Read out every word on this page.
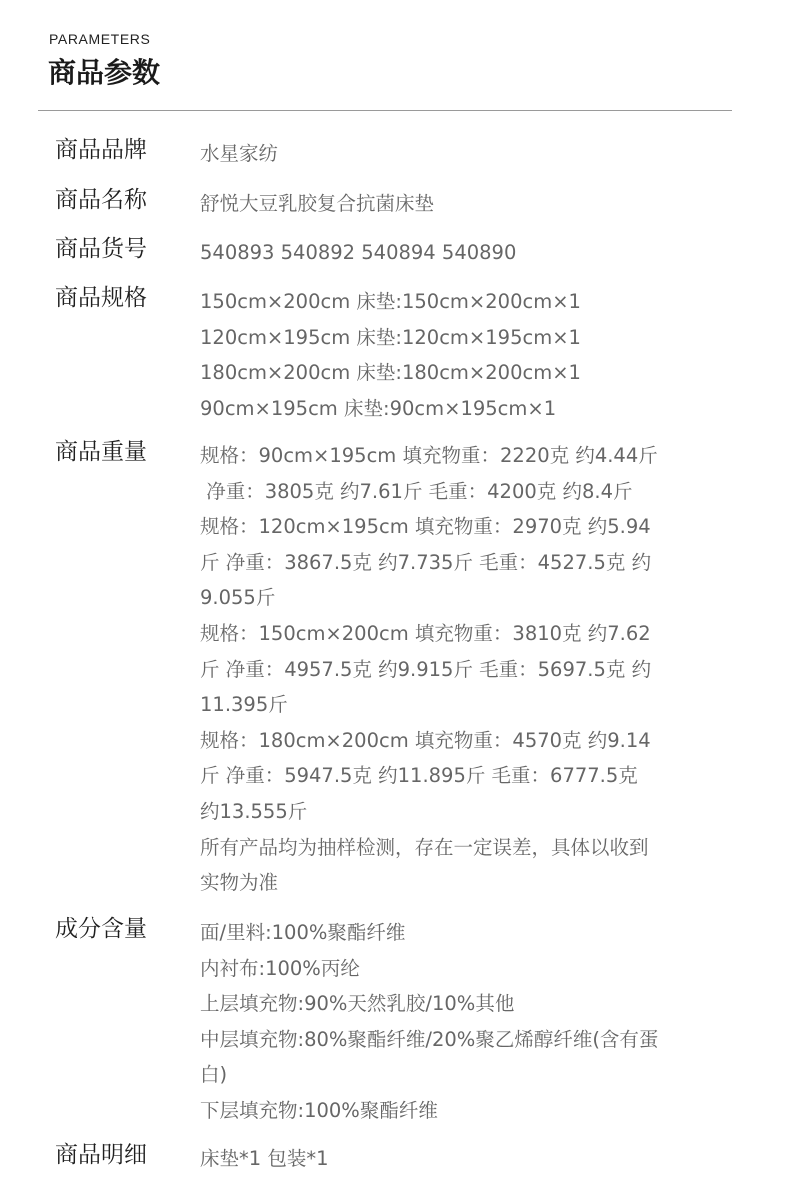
PARAMETERS
商品参数
商品品牌	水星家纺
商品名称	舒悦大豆乳胶复合抗菌床垫
商品货号	540893 540892 540894 540890
商品规格	150cm×200cm 床垫:150cm×200cm×1
120cm×195cm 床垫:120cm×195cm×1
180cm×200cm 床垫:180cm×200cm×1
90cm×195cm 床垫:90cm×195cm×1
商品重量	规格：90cm×195cm 填充物重：2220克 约4.44斤
净重：3805克 约7.61斤 毛重：4200克 约8.4斤
规格：120cm×195cm 填充物重：2970克 约5.94
斤 净重：3867.5克 约7.735斤 毛重：4527.5克 约
9.055斤
规格：150cm×200cm 填充物重：3810克 约7.62
斤 净重：4957.5克 约9.915斤 毛重：5697.5克 约
11.395斤
规格：180cm×200cm 填充物重：4570克 约9.14
斤 净重：5947.5克 约11.895斤 毛重：6777.5克
约13.555斤
所有产品均为抽样检测，存在一定误差，具体以收到
实物为准
成分含量	面/里料:100%聚酯纤维
内衬布:100%丙纶
上层填充物:90%天然乳胶/10%其他
中层填充物:80%聚酯纤维/20%聚乙烯醇纤维(含有蛋
白)
下层填充物:100%聚酯纤维
商品明细	床垫*1 包装*1
